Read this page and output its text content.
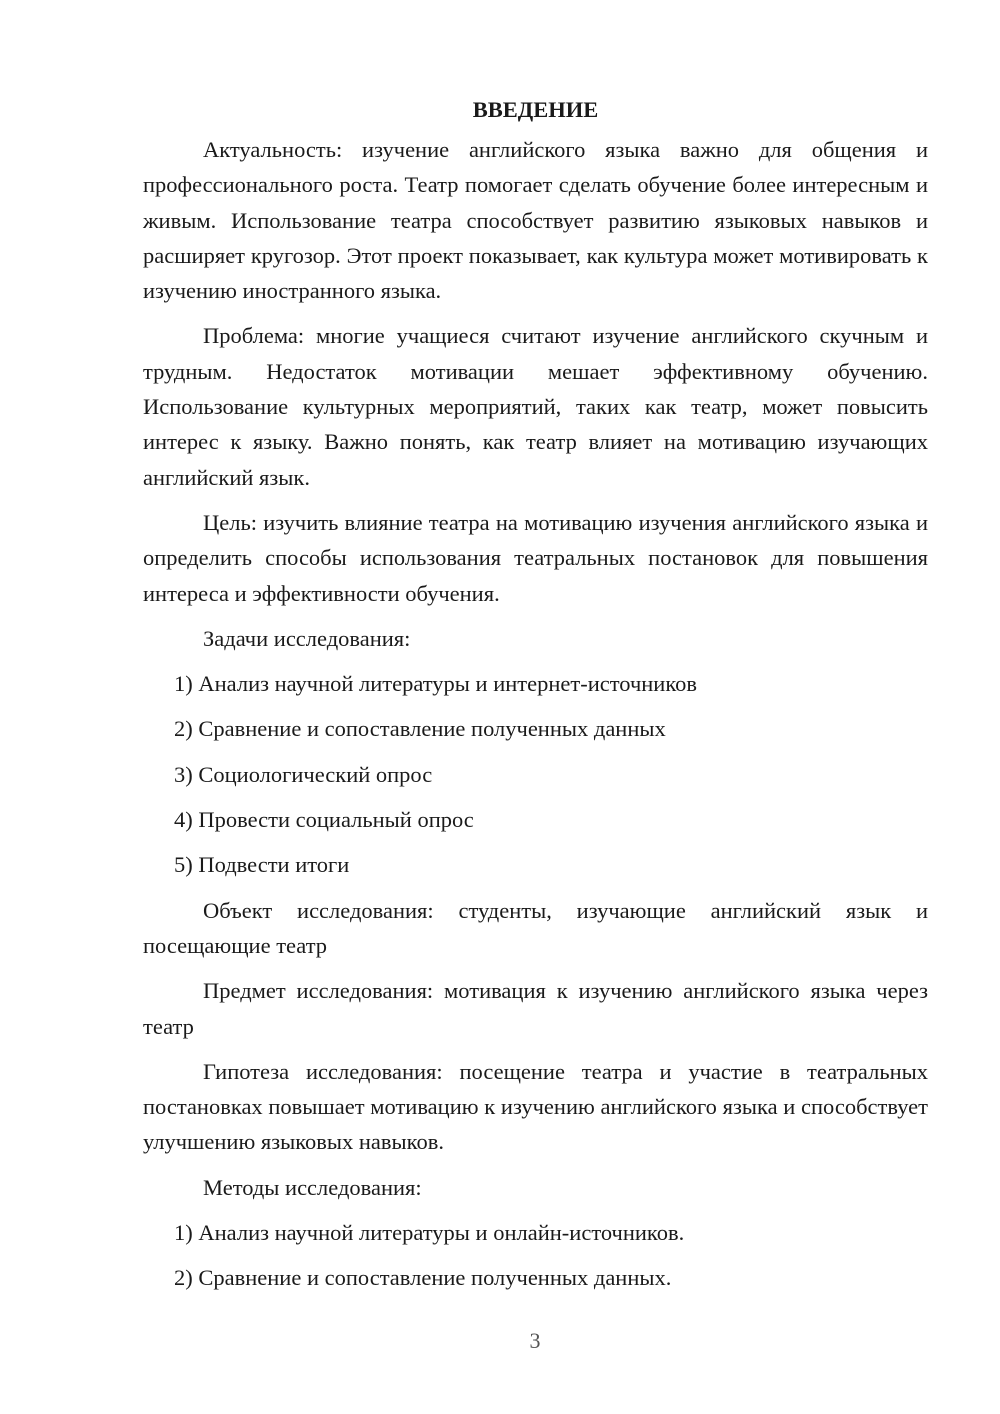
ВВЕДЕНИЕ
Актуальность: изучение английского языка важно для общения и профессионального роста. Театр помогает сделать обучение более интересным и живым. Использование театра способствует развитию языковых навыков и расширяет кругозор. Этот проект показывает, как культура может мотивировать к изучению иностранного языка.
Проблема: многие учащиеся считают изучение английского скучным и трудным. Недостаток мотивации мешает эффективному обучению. Использование культурных мероприятий, таких как театр, может повысить интерес к языку. Важно понять, как театр влияет на мотивацию изучающих английский язык.
Цель: изучить влияние театра на мотивацию изучения английского языка и определить способы использования театральных постановок для повышения интереса и эффективности обучения.
Задачи исследования:
1) Анализ научной литературы и интернет-источников
2) Сравнение и сопоставление полученных данных
3) Социологический опрос
4) Провести социальный опрос
5) Подвести итоги
Объект исследования: студенты, изучающие английский язык и посещающие театр
Предмет исследования: мотивация к изучению английского языка через театр
Гипотеза исследования: посещение театра и участие в театральных постановках повышает мотивацию к изучению английского языка и способствует улучшению языковых навыков.
Методы исследования:
1) Анализ научной литературы и онлайн-источников.
2) Сравнение и сопоставление полученных данных.
3
